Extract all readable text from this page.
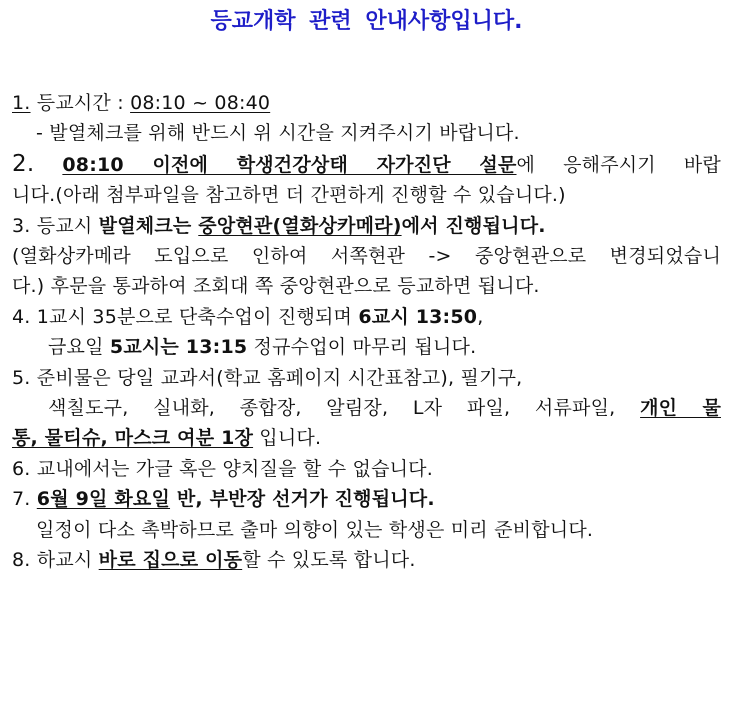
등교개학 관련 안내사항입니다.
1. 등교시간 : 08:10 ~ 08:40
- 발열체크를 위해 반드시 위 시간을 지켜주시기 바랍니다.
2. 08:10 이전에 학생건강상태 자가진단 설문에 응해주시기 바랍
니다.(아래 첨부파일을 참고하면 더 간편하게 진행할 수 있습니다.)
3. 등교시 발열체크는 중앙현관(열화상카메라)에서 진행됩니다.
(열화상카메라 도입으로 인하여 서쪽현관 -> 중앙현관으로 변경되었습니
다.) 후문을 통과하여 조회대 쪽 중앙현관으로 등교하면 됩니다.
4. 1교시 35분으로 단축수업이 진행되며 6교시 13:50,
금요일 5교시는 13:15 정규수업이 마무리 됩니다.
5. 준비물은 당일 교과서(학교 홈페이지 시간표참고), 필기구,
색칠도구, 실내화, 종합장, 알림장, L자 파일, 서류파일, 개인 물
통, 물티슈, 마스크 여분 1장 입니다.
6. 교내에서는 가글 혹은 양치질을 할 수 없습니다.
7. 6월 9일 화요일 반, 부반장 선거가 진행됩니다.
일정이 다소 촉박하므로 출마 의향이 있는 학생은 미리 준비합니다.
8. 하교시 바로 집으로 이동할 수 있도록 합니다.
